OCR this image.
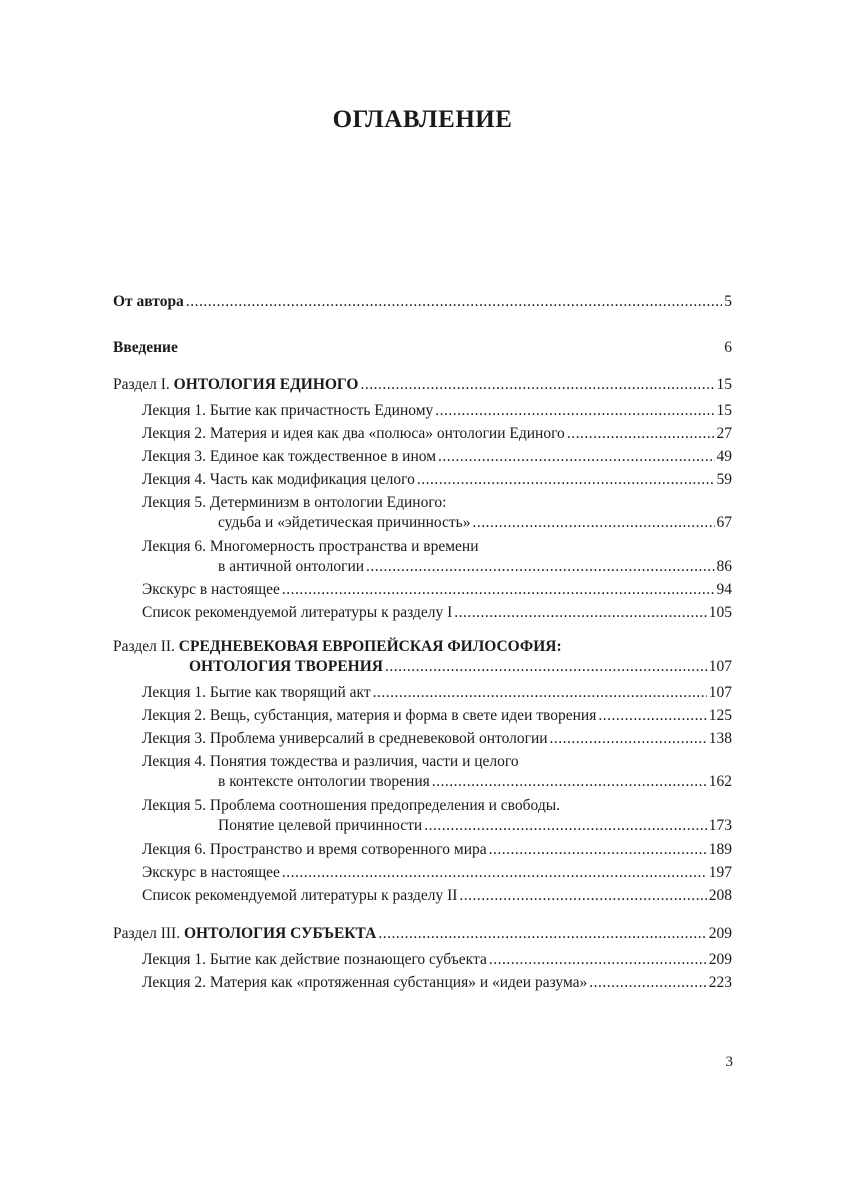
ОГЛАВЛЕНИЕ
От автора .....	5
Введение	6
Раздел I. ОНТОЛОГИЯ ЕДИНОГО .....	15
Лекция 1. Бытие как причастность Единому .....	15
Лекция 2. Материя и идея как два «полюса» онтологии Единого .....	27
Лекция 3. Единое как тождественное в ином .....	49
Лекция 4. Часть как модификация целого .....	59
Лекция 5. Детерминизм в онтологии Единого:
судьба и «эйдетическая причинность» .....	67
Лекция 6. Многомерность пространства и времени
в античной онтологии .....	86
Экскурс в настоящее .....	94
Список рекомендуемой литературы к разделу I .....	105
Раздел II. СРЕДНЕВЕКОВАЯ ЕВРОПЕЙСКАЯ ФИЛОСОФИЯ:
ОНТОЛОГИЯ ТВОРЕНИЯ .....	107
Лекция 1. Бытие как творящий акт .....	107
Лекция 2. Вещь, субстанция, материя и форма в свете идеи творения .....	125
Лекция 3. Проблема универсалий в средневековой онтологии .....	138
Лекция 4. Понятия тождества и различия, части и целого
в контексте онтологии творения .....	162
Лекция 5. Проблема соотношения предопределения и свободы.
Понятие целевой причинности .....	173
Лекция 6. Пространство и время сотворенного мира .....	189
Экскурс в настоящее .....	197
Список рекомендуемой литературы к разделу II .....	208
Раздел III. ОНТОЛОГИЯ СУБЪЕКТА .....	209
Лекция 1. Бытие как действие познающего субъекта .....	209
Лекция 2. Материя как «протяженная субстанция» и «идеи разума» .....	223
3
